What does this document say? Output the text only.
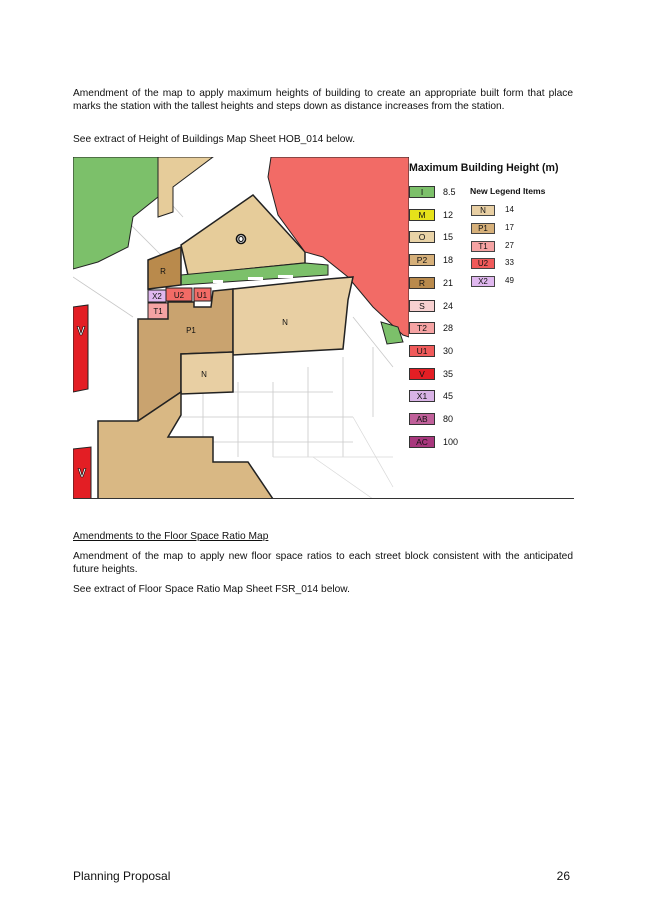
Amendment of the map to apply maximum heights of building to create an appropriate built form that place marks the station with the tallest heights and steps down as distance increases from the station.

See extract of Height of Buildings Map Sheet HOB_014 below.

O
R
X2 U2 U1
T1
P1
N
N
V
V
Maximum Building Height (m)
I	8.5
M	12
O	15
P2	18
R	21
S	24
T2	28
U1	30
V	35
X1	45
AB	80
AC	100
New Legend Items
N	14
P1	17
T1	27
U2	33
X2	49

Amendments to the Floor Space Ratio Map

Amendment of the map to apply new floor space ratios to each street block consistent with the anticipated future heights.

See extract of Floor Space Ratio Map Sheet FSR_014 below.

Planning Proposal	26
